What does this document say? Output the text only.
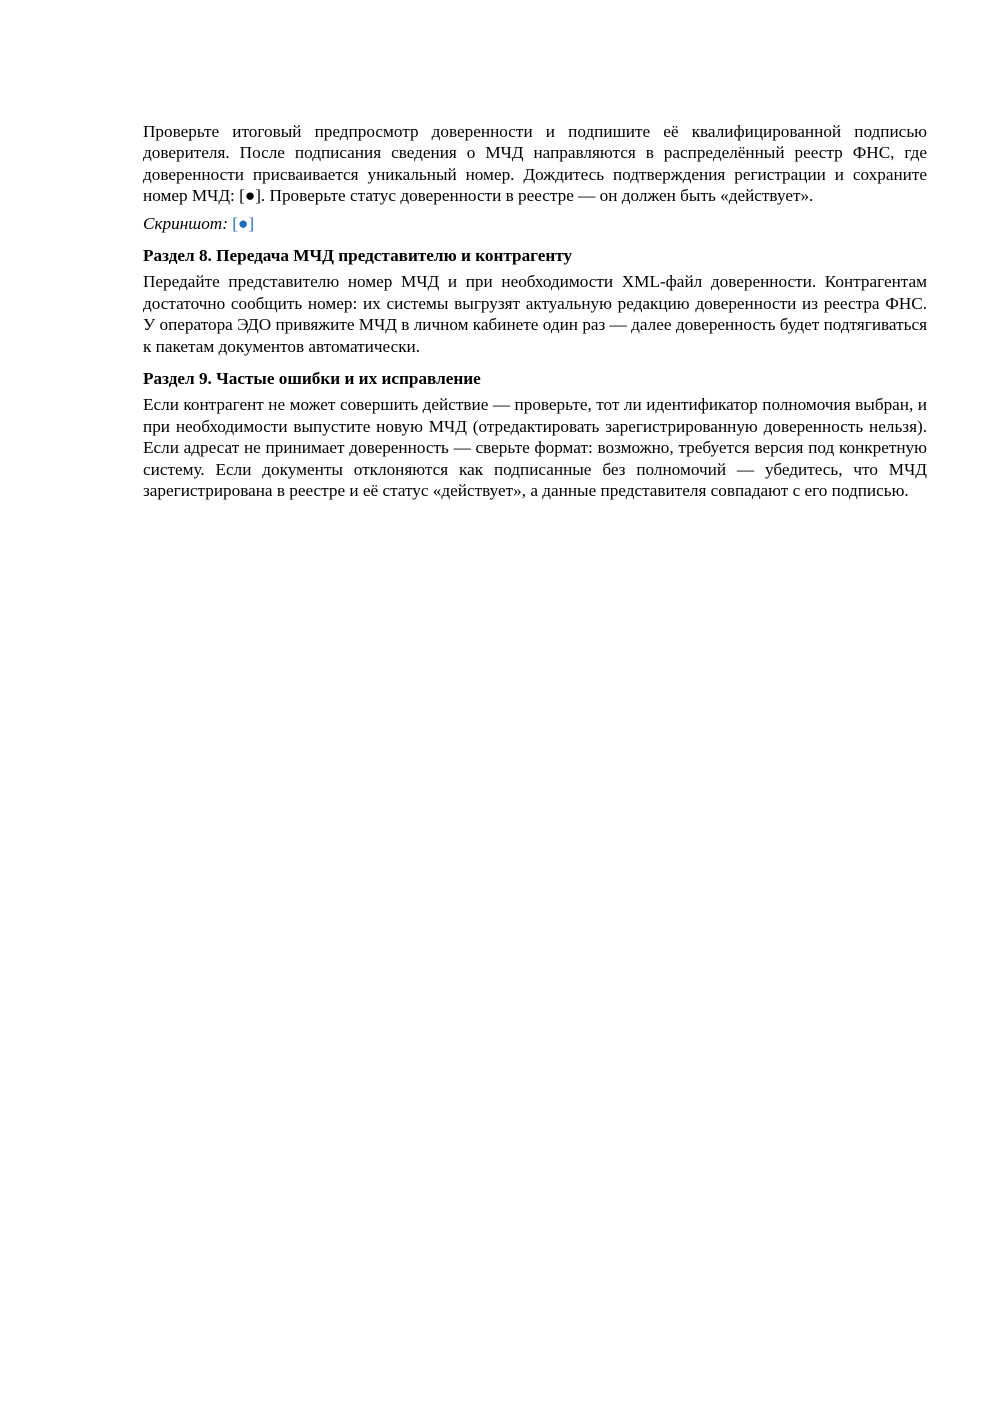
Проверьте итоговый предпросмотр доверенности и подпишите её квалифицированной подписью доверителя. После подписания сведения о МЧД направляются в распределённый реестр ФНС, где доверенности присваивается уникальный номер. Дождитесь подтверждения регистрации и сохраните номер МЧД: [●]. Проверьте статус доверенности в реестре — он должен быть «действует».

Скриншот: [●]

Раздел 8. Передача МЧД представителю и контрагенту

Передайте представителю номер МЧД и при необходимости XML-файл доверенности. Контрагентам достаточно сообщить номер: их системы выгрузят актуальную редакцию доверенности из реестра ФНС. У оператора ЭДО привяжите МЧД в личном кабинете один раз — далее доверенность будет подтягиваться к пакетам документов автоматически.

Раздел 9. Частые ошибки и их исправление

Если контрагент не может совершить действие — проверьте, тот ли идентификатор полномочия выбран, и при необходимости выпустите новую МЧД (отредактировать зарегистрированную доверенность нельзя). Если адресат не принимает доверенность — сверьте формат: возможно, требуется версия под конкретную систему. Если документы отклоняются как подписанные без полномочий — убедитесь, что МЧД зарегистрирована в реестре и её статус «действует», а данные представителя совпадают с его подписью.
